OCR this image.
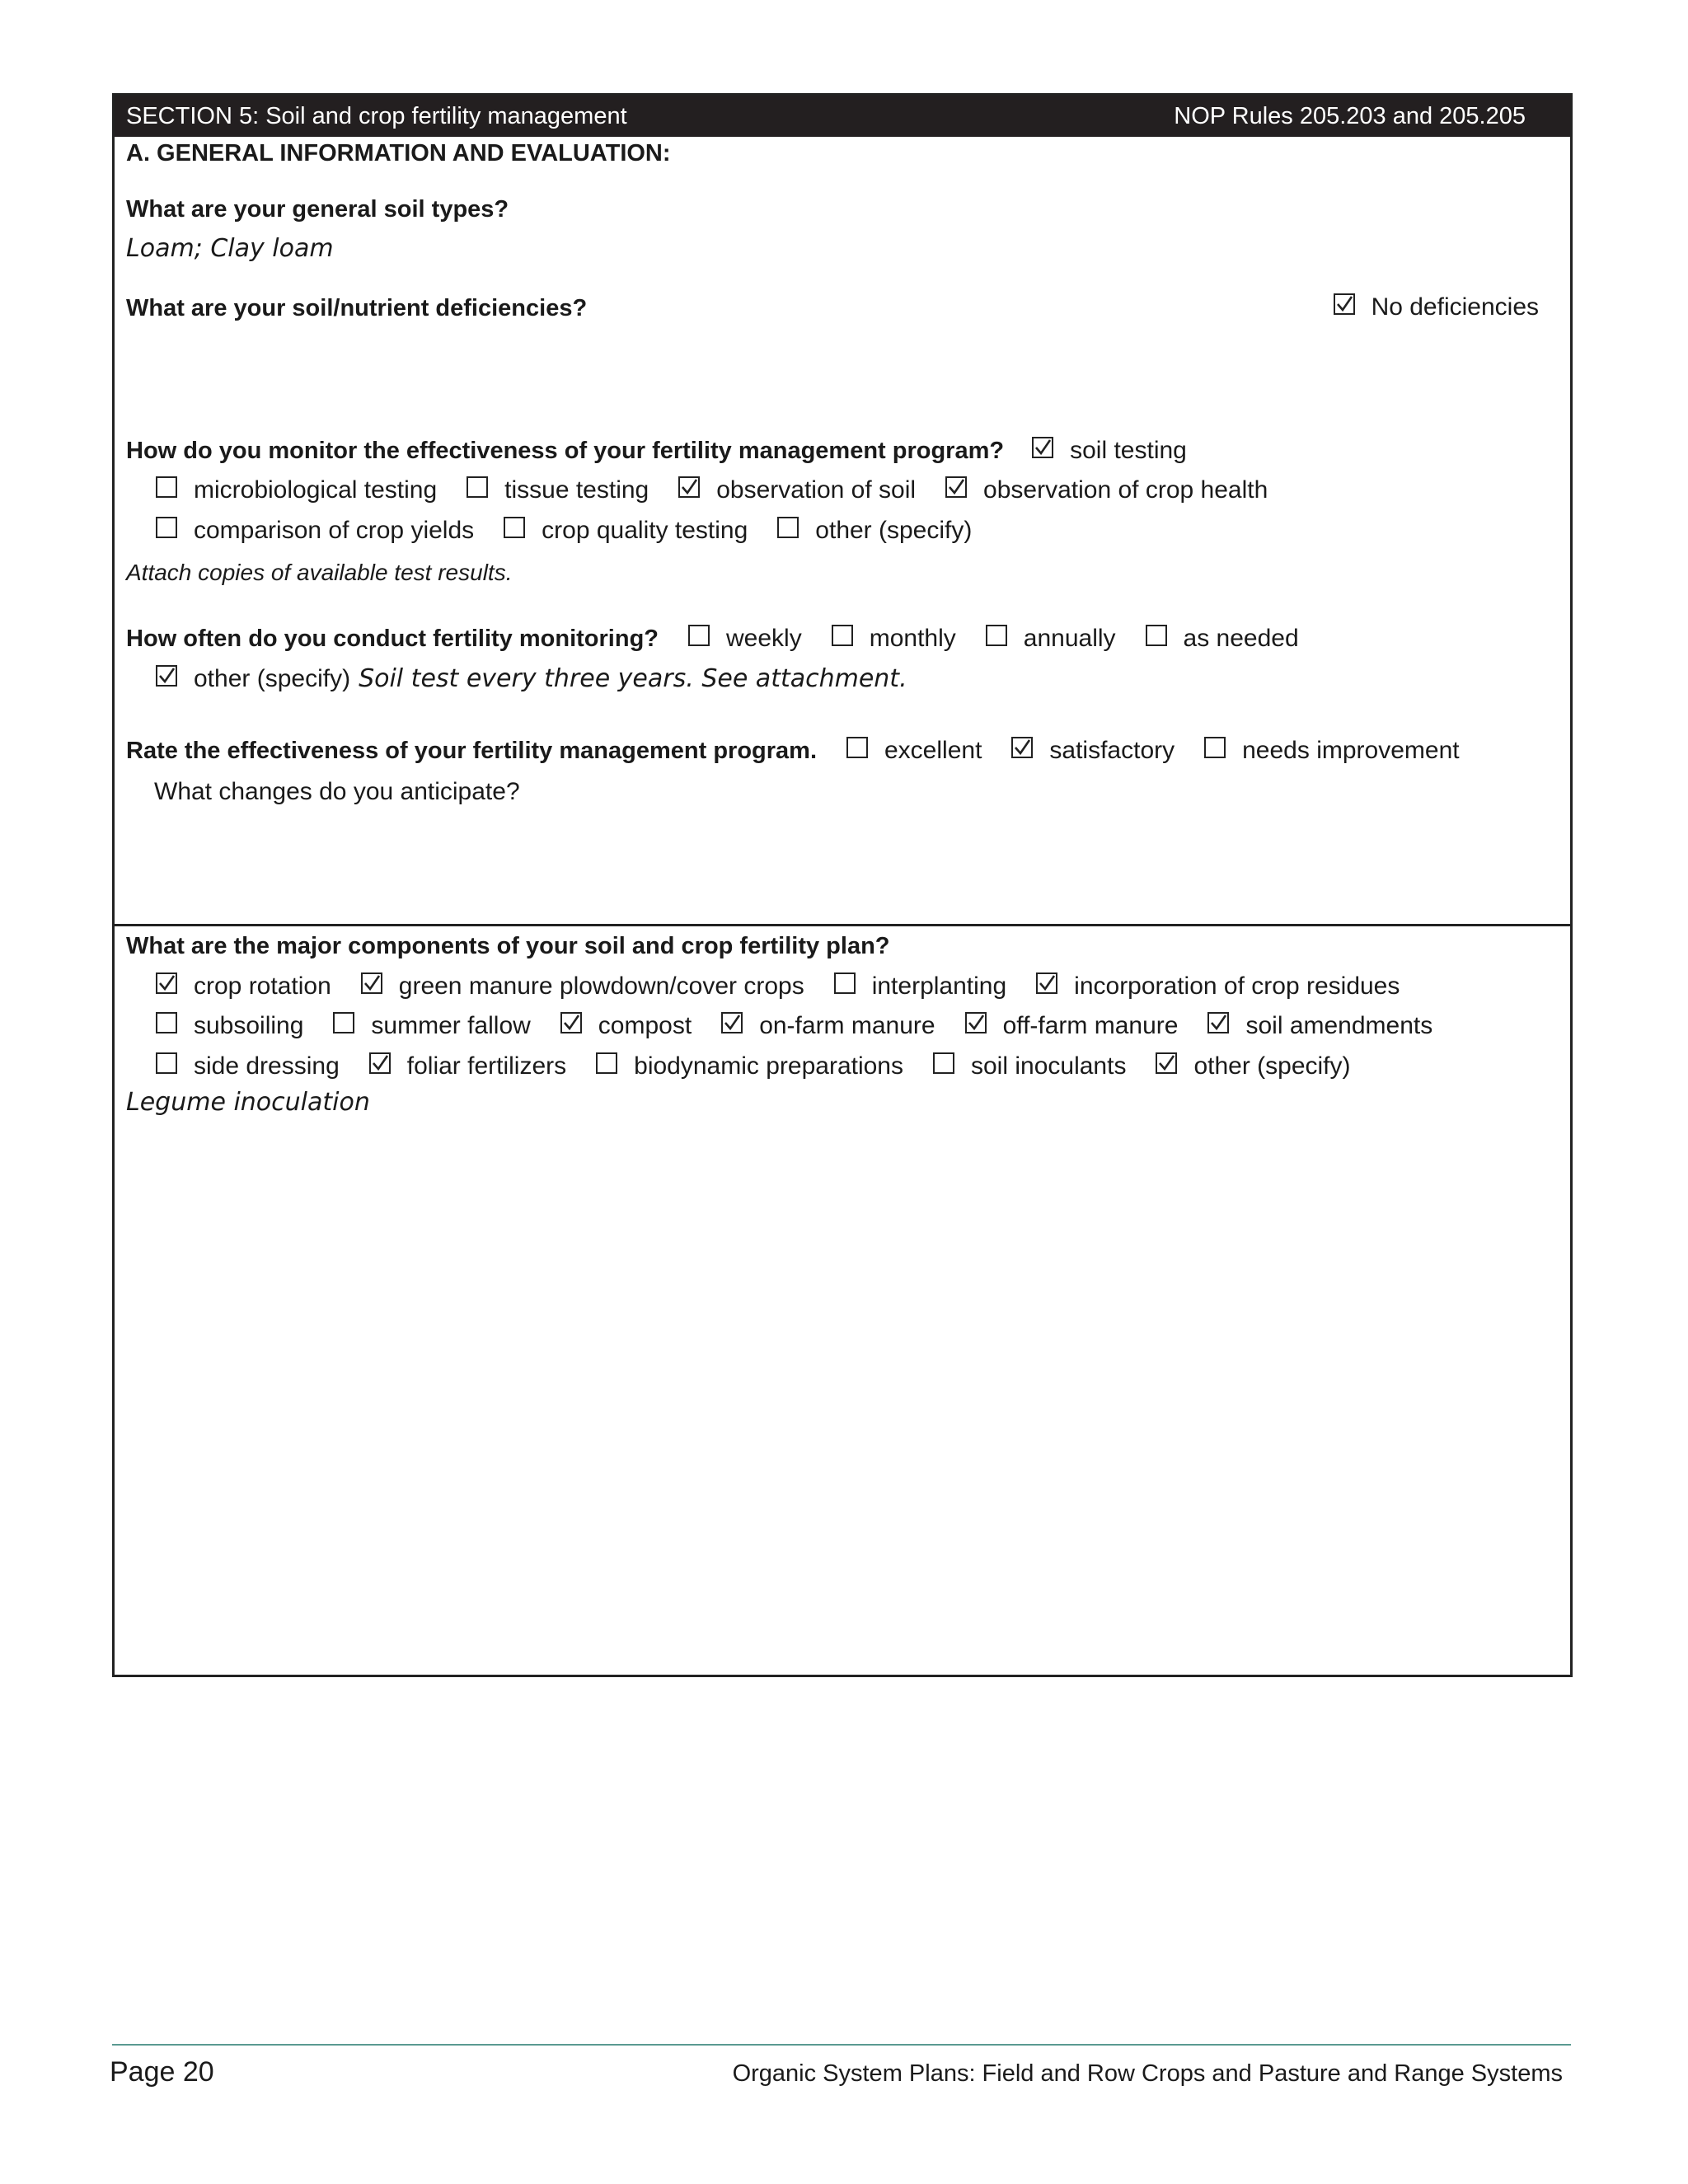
SECTION 5: Soil and crop fertility management	NOP Rules 205.203 and 205.205
A. GENERAL INFORMATION AND EVALUATION:
What are your general soil types?
Loam; Clay loam
What are your soil/nutrient deficiencies?	No deficiencies
How do you monitor the effectiveness of your fertility management program?	soil testing
microbiological testing	tissue testing	observation of soil	observation of crop health
comparison of crop yields	crop quality testing	other (specify)
Attach copies of available test results.
How often do you conduct fertility monitoring?	weekly	monthly	annually	as needed
other (specify) Soil test every three years. See attachment.
Rate the effectiveness of your fertility management program.	excellent	satisfactory	needs improvement
What changes do you anticipate?
What are the major components of your soil and crop fertility plan?
crop rotation	green manure plowdown/cover crops	interplanting	incorporation of crop residues
subsoiling	summer fallow	compost	on-farm manure	off-farm manure	soil amendments
side dressing	foliar fertilizers	biodynamic preparations	soil inoculants	other (specify)
Legume inoculation
Page 20	Organic System Plans: Field and Row Crops and Pasture and Range Systems
